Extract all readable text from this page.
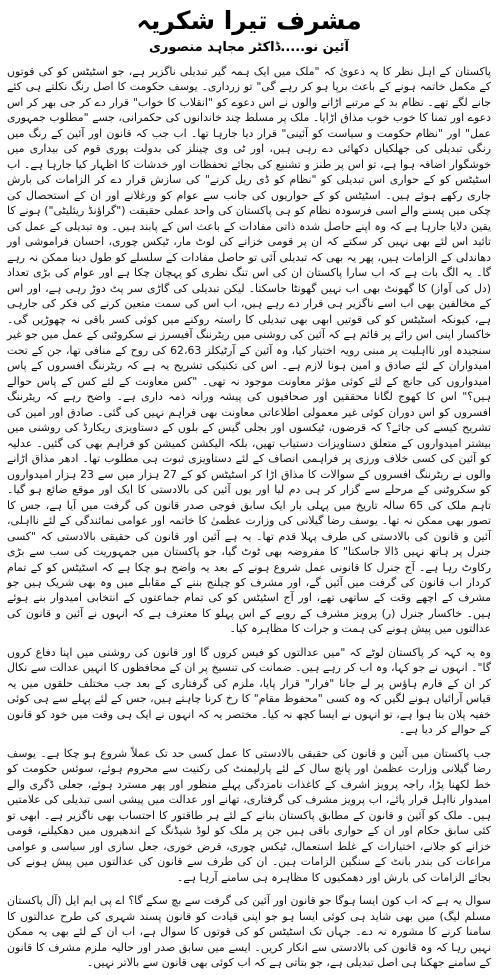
مشرف تیرا شکریہ
آئین نو.....ڈاکٹر مجاہد منصوری

پاکستان کے اہل نظر کا یہ دعویٰ کہ "ملک میں ایک ہمہ گیر تبدیلی ناگزیر ہے، جو اسٹیٹس کو کی قوتوں کے مکمل خاتمہ ہونے کے باعث برپا ہو کر رہے گی" تو زرداری۔ یوسف حکومت کا اصل رنگ نکلتے ہی کئے جانے لگے تھے۔ نظام بد کے مرتبے اڑانے والوں نے اس دعوے کو "انقلاب کا خواب" قرار دے کر جی بھر کر اس دعوے اور تمنا کا خوب خوب مذاق اڑایا۔ ملک پر مسلط چند خاندانوں کی حکمرانی، جسے "مطلوب جمہوری عمل" اور "نظام حکومت و سیاست کو آئینی" قرار دیا جارہا تھا۔ اب جب کہ قانون اور آئین کے رنگ میں رنگی تبدیلی کی جھلکیاں دکھائی دے رہی ہیں، اور ٹی وی چینلز کی بدولت پوری قوم کی بیداری میں خوشگوار اضافہ ہوا ہے، تو اس پر طنز و تشنیع کی بجائے تحفظات اور خدشات کا اظہار کیا جارہا ہے۔ اب اسٹیٹس کو کے حواری اس تبدیلی کو "نظام کو ڈی ریل کرنے" کی سازش قرار دے کر الزامات کی بارش جاری رکھے ہوئے ہیں۔ اسٹیٹس کو کے حواریوں کی جانب سے عوام کو ورغلانے اور ان کے استحصال کی چکی میں پسنے والے اسی فرسودہ نظام کو ہی پاکستان کی واحد عملی حقیقت ("گراؤنڈ ریئلیٹی") ہونے کا یقین دلایا جارہا ہے کہ وہ اپنے حاصل شدہ ذاتی مفادات کے باعث اس کے پابند ہیں۔ وہ تبدیلی کے عمل کی تائید اس لئے بھی نہیں کر سکتے کہ ان پر قومی خزانے کی لوٹ مار، ٹیکس چوری، احسان فراموشی اور دھاندلی کے الزامات ہیں، پھر یہ بھی کہ تبدیلی آئی تو حاصل مفادات کے سلسلے کو طول دینا ممکن نہ رہے گا۔ یہ الگ بات ہے کہ اب سارا پاکستان ان کی اس تنگ نظری کو پہچان چکا ہے اور عوام کی بڑی تعداد (دل کی آواز) کا گھونٹ بھی اب نہیں گھونٹا جاسکتا۔ لیکن تبدیلی کی گاڑی سر پٹ دوڑ رہی ہے، اور اس کے مخالفین بھی اب اسے ناگزیر ہی قرار دے رہے ہیں، اب اس کی سمت متعین کرنے کی فکر کی جارہی ہے، کیونکہ اسٹیٹس کو کی قوتیں ابھی بھی تبدیلی کا راستہ روکنے میں کوئی کسر باقی نہ چھوڑیں گی۔ خاکسار اپنی اس رائے پر قائم ہے کہ آئین کی روشنی میں ریٹرننگ آفیسرز نے سکروٹنی کے عمل میں جو غیر سنجیدہ اور نااہلیت پر مبنی رویہ اختیار کیا، وہ آئین کے آرٹیکلز 62،63 کی روح کے منافی تھا، جن کے تحت امیدواران کے لئے صادق و امین ہونا لازم ہے۔ اس کی تکنیکی تشریح یہ ہے کہ ریٹرننگ افسروں کے پاس امیدواروں کی جانچ کے لئے کوئی مؤثر معاونت موجود نہ تھی۔ "کس معاونت کے لئے کس کے پاس حوالے ہیں؟" اس کا کھوج لگانا محققین اور صحافیوں کی پیشہ ورانہ ذمہ داری ہے۔ واضح رہے کہ ریٹرننگ افسروں کو اس دوران کوئی غیر معمولی اطلاعاتی معاونت بھی فراہم نہیں کی گئی۔ صادق اور امین کی تشریح کیسے کی جائے؟ کہ قرضوں، ٹیکسوں اور بجلی گیس کے بلوں کے دستاویزی ریکارڈ کی روشنی میں بیشتر امیدواروں کے متعلق دستاویزات دستیاب تھیں، بلکہ الیکشن کمیشن کو فراہم بھی کی گئیں۔ عدلیہ کو آئین کی کسی خلاف ورزی پر فراہمی انصاف کے لئے دستاویزی ثبوت ہی مطلوب تھا۔ ادھر مذاق اڑانے والوں نے ریٹرننگ افسروں کے سوالات کا مذاق اڑا کر اسٹیٹس کو کے 27 ہزار میں سے 23 ہزار امیدواروں کو سکروٹنی کے مرحلے سے گزار کر ہی دم لیا اور یوں آئین کی بالادستی کا ایک اور موقع ضائع ہو گیا۔ تاہم ملک کی 65 سالہ تاریخ میں پہلی بار ایک سابق فوجی صدر قانون کی گرفت میں آیا ہے، جس کا تصور بھی ممکن نہ تھا۔ یوسف رضا گیلانی کی وزارت عظمیٰ کا خاتمہ اور عوامی نمائندگی کے لئے نااہلی، آئین و قانون کی بالادستی کی طرف پہلا قدم تھا۔ یہ ہے آئین اور قانون کی حقیقی بالادستی کہ "کسی جنرل پر ہاتھ نہیں ڈالا جاسکتا" کا مفروضہ بھی ٹوٹ گیا، جو پاکستان میں جمہوریت کی سب سے بڑی رکاوٹ رہا ہے۔ آج جنرل کا قانونی عمل شروع ہونے کے بعد یہ واضح ہو چکا ہے کہ اسٹیٹس کو کے تمام کردار اب قانون کی گرفت میں آئیں گے، اور مشرف کو چیلنج بننے کے مقابلے میں وہ بھی شریک ہیں جو مشرف کے اچھے وقت کے ساتھی تھے، اور آج اسٹیٹس کو کی تمام جماعتوں کے انتخابی امیدوار بنے ہوئے ہیں۔ خاکسار جنرل (ر) پرویز مشرف کے رویے کے اس پہلو کا معترف ہے کہ انہوں نے آئین و قانون کی عدالتوں میں پیش ہونے کی ہمت و جرات کا مظاہرہ کیا۔

وہ یہ کہہ کر پاکستان لوٹے کہ "میں عدالتوں کو فیس کروں گا اور قانون کی روشنی میں اپنا دفاع کروں گا"۔ انہوں نے جو کہا، وہ اب کر رہے ہیں۔ ضمانت کی تنسیخ پر ان کے محافظوں کا انہیں عدالت سے نکال کر ان کے فارم ہاؤس پر لے جانا "فرار" قرار پایا، ملزم کی گرفتاری کے بعد جب مختلف حلقوں میں یہ قیاس آرائیاں ہونے لگیں کہ وہ کسی "محفوظ مقام" کا رخ کرنا چاہتے ہیں، جس کے لئے پہلے سے ہی کوئی خفیہ پلان بنا ہوا ہے، تو انہوں نے ایسا کچھ نہ کیا۔ مختصر یہ کہ انہوں نے ایک ہی وقت میں خود کو قانون کے حوالے کر دیا ہے۔

جب پاکستان میں آئین و قانون کی حقیقی بالادستی کا عمل کسی حد تک عملاً شروع ہو چکا ہے۔ یوسف رضا گیلانی وزارت عظمیٰ اور پانچ سال کے لئے پارلیمنٹ کی رکنیت سے محروم ہوئے، سوئس حکومت کو خط لکھنا پڑا، راجہ پرویز اشرف کے کاغذات نامزدگی پہلے منظور اور پھر مسترد ہوئے، جعلی ڈگری والے امیدوار نااہل قرار پائے، اب پرویز مشرف کی گرفتاری، تھانے اور عدالت میں پیشی اسی تبدیلی کی علامتیں ہیں۔ ملک کو آئین و قانون کے مطابق پاکستان بنانے کے لئے ہر طاقتور کا احتساب بھی ناگزیر ہے۔ ابھی تو کئی سابق حکام اور ان کے حواری باقی ہیں جن پر ملک کو لوڈ شیڈنگ کے اندھیروں میں دھکیلنے، قومی خزانے کو جلانے، اختیارات کے غلط استعمال، ٹیکس چوری، قرض خوری، جعل سازی اور سیاسی و عوامی مراعات کی بندر بانٹ کے سنگین الزامات ہیں۔ ان کی طرف سے قانون کی عدالتوں میں پیش ہونے کی بجائے الزامات کی بارش اور دھمکیوں کا مظاہرہ ہی سامنے آرہا ہے۔

سوال یہ ہے کہ اب کون ایسا ہوگا جو قانون اور آئین کی گرفت سے بچ سکے گا؟ اے پی ایم ایل (آل پاکستان مسلم لیگ) میں بھی شاید ہی کوئی ایسا ہو جو اپنی قیادت کو قانون پسند شہری کی طرح عدالتوں کا سامنا کرنے کا مشورہ نہ دے۔ جہاں تک اسٹیٹس کو کی قوتوں کا سوال ہے، اب ان کے لئے بھی یہ ممکن نہیں رہا کہ وہ قانون کی بالادستی سے انکار کریں۔ ایسے میں سابق صدر اور حالیہ ملزم مشرف کا قانون کے سامنے جھکنا ہی اصل تبدیلی ہے، جو بتاتی ہے کہ اب کوئی بھی قانون سے بالاتر نہیں۔
